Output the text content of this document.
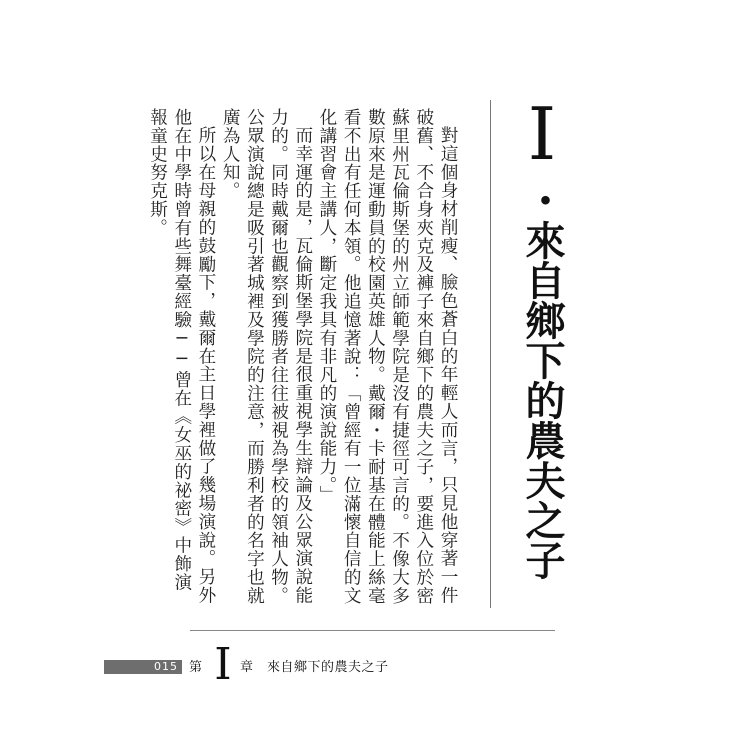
I
・來自鄉下的農夫之子

對這個身材削瘦、臉色蒼白的年輕人而言，只見他穿著一件破舊、不合身夾克及褲子來自鄉下的農夫之子，要進入位於密蘇里州瓦倫斯堡的州立師範學院是沒有捷徑可言的。不像大多數原來是運動員的校園英雄人物。戴爾・卡耐基在體能上絲毫看不出有任何本領。他追憶著說：「曾經有一位滿懷自信的文化講習會主講人，斷定我具有非凡的演說能力。」

而幸運的是，瓦倫斯堡學院是很重視學生辯論及公眾演說能力的。同時戴爾也觀察到獲勝者往往被視為學校的領袖人物。公眾演說總是吸引著城裡及學院的注意，而勝利者的名字也就廣為人知。

所以在母親的鼓勵下，戴爾在主日學裡做了幾場演說。另外他在中學時曾有些舞臺經驗──曾在《女巫的祕密》中飾演報童史努克斯。

015 第 I 章 來自鄉下的農夫之子
